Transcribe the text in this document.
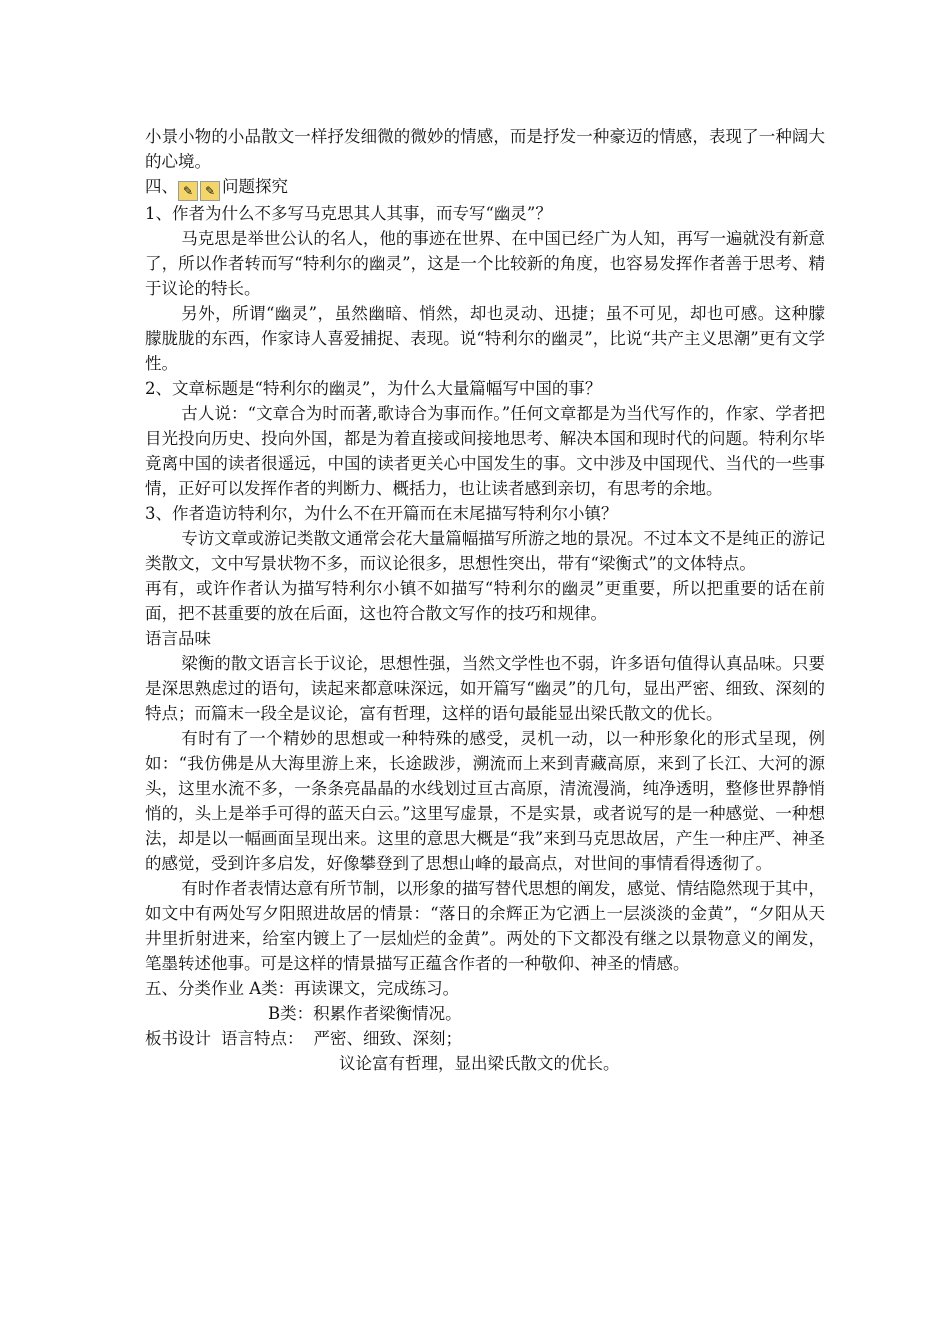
小景小物的小品散文一样抒发细微的微妙的情感，而是抒发一种豪迈的情感，表现了一种阔大的心境。

四、 ✎ ✎ 问题探究

1、作者为什么不多写马克思其人其事，而专写“幽灵”？

马克思是举世公认的名人，他的事迹在世界、在中国已经广为人知，再写一遍就没有新意了，所以作者转而写“特利尔的幽灵”，这是一个比较新的角度，也容易发挥作者善于思考、精于议论的特长。

另外，所谓“幽灵”，虽然幽暗、悄然，却也灵动、迅捷；虽不可见，却也可感。这种朦朦胧胧的东西，作家诗人喜爱捕捉、表现。说“特利尔的幽灵”，比说“共产主义思潮”更有文学性。

2、文章标题是“特利尔的幽灵”，为什么大量篇幅写中国的事？

古人说：“文章合为时而著,歌诗合为事而作。”任何文章都是为当代写作的，作家、学者把目光投向历史、投向外国，都是为着直接或间接地思考、解决本国和现时代的问题。特利尔毕竟离中国的读者很遥远，中国的读者更关心中国发生的事。文中涉及中国现代、当代的一些事情，正好可以发挥作者的判断力、概括力，也让读者感到亲切，有思考的余地。

3、作者造访特利尔，为什么不在开篇而在末尾描写特利尔小镇？

专访文章或游记类散文通常会花大量篇幅描写所游之地的景况。不过本文不是纯正的游记类散文，文中写景状物不多，而议论很多，思想性突出，带有“梁衡式”的文体特点。

再有，或许作者认为描写特利尔小镇不如描写“特利尔的幽灵”更重要，所以把重要的话在前面，把不甚重要的放在后面，这也符合散文写作的技巧和规律。

语言品味

梁衡的散文语言长于议论，思想性强，当然文学性也不弱，许多语句值得认真品味。只要是深思熟虑过的语句，读起来都意味深远，如开篇写“幽灵”的几句，显出严密、细致、深刻的特点；而篇末一段全是议论，富有哲理，这样的语句最能显出梁氏散文的优长。

有时有了一个精妙的思想或一种特殊的感受，灵机一动，以一种形象化的形式呈现，例如：“我仿佛是从大海里游上来，长途跋涉，溯流而上来到青藏高原，来到了长江、大河的源头，这里水流不多，一条条亮晶晶的水线划过亘古高原，清流漫淌，纯净透明，整修世界静悄悄的，头上是举手可得的蓝天白云。”这里写虚景，不是实景，或者说写的是一种感觉、一种想法，却是以一幅画面呈现出来。这里的意思大概是“我”来到马克思故居，产生一种庄严、神圣的感觉，受到许多启发，好像攀登到了思想山峰的最高点，对世间的事情看得透彻了。

有时作者表情达意有所节制，以形象的描写替代思想的阐发，感觉、情结隐然现于其中，如文中有两处写夕阳照进故居的情景：“落日的余辉正为它洒上一层淡淡的金黄”，“夕阳从天井里折射进来，给室内镀上了一层灿烂的金黄”。两处的下文都没有继之以景物意义的阐发，笔墨转述他事。可是这样的情景描写正蕴含作者的一种敬仰、神圣的情感。

五、分类作业 A类：再读课文，完成练习。

B类：积累作者梁衡情况。

板书设计 语言特点： 严密、细致、深刻；

议论富有哲理，显出梁氏散文的优长。
